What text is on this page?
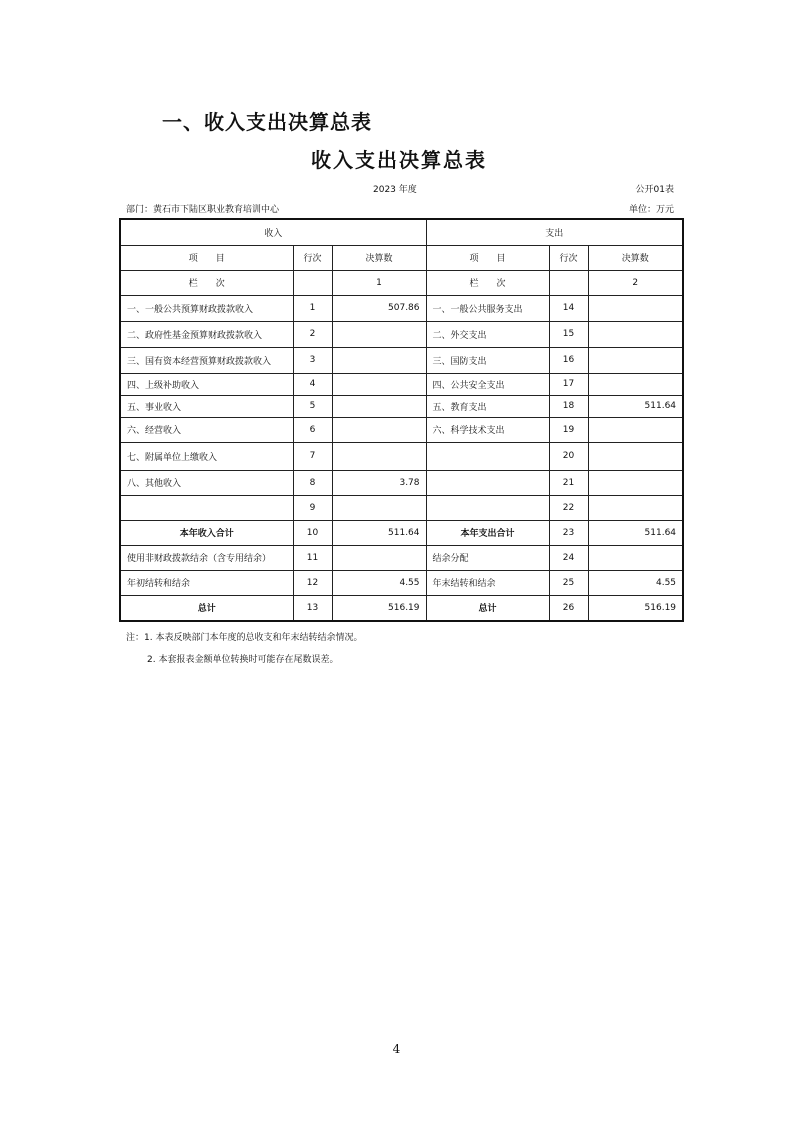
一、收入支出决算总表
收入支出决算总表
2023 年度	公开01表
部门：黄石市下陆区职业教育培训中心	单位：万元
收入			支出		
项　　目	行次	决算数	项　　目	行次	决算数
栏　　次		1	栏　　次		2
一、一般公共预算财政拨款收入	1	507.86	一、一般公共服务支出	14	
二、政府性基金预算财政拨款收入	2		二、外交支出	15	
三、国有资本经营预算财政拨款收入	3		三、国防支出	16	
四、上级补助收入	4		四、公共安全支出	17	
五、事业收入	5		五、教育支出	18	511.64
六、经营收入	6		六、科学技术支出	19	
七、附属单位上缴收入	7			20	
八、其他收入	8	3.78		21	
	9			22	
本年收入合计	10	511.64	本年支出合计	23	511.64
使用非财政拨款结余（含专用结余）	11		结余分配	24	
年初结转和结余	12	4.55	年末结转和结余	25	4.55
总计	13	516.19	总计	26	516.19
注：1. 本表反映部门本年度的总收支和年末结转结余情况。
2. 本套报表金额单位转换时可能存在尾数误差。
4
